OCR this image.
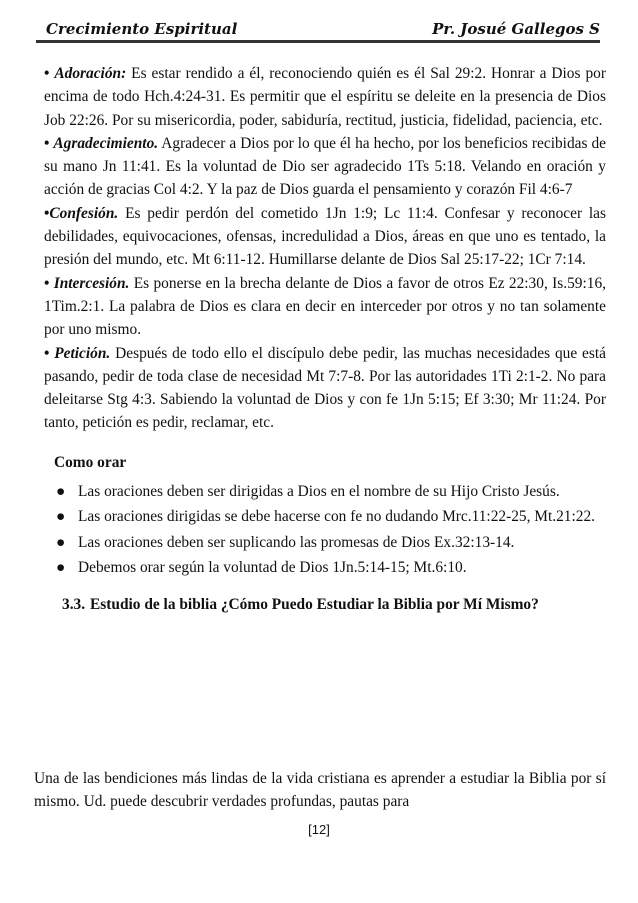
Crecimiento Espiritual	Pr. Josué Gallegos S

• Adoración: Es estar rendido a él, reconociendo quién es él Sal 29:2. Honrar a Dios por encima de todo Hch.4:24-31. Es permitir que el espíritu se deleite en la presencia de Dios Job 22:26. Por su misericordia, poder, sabiduría, rectitud, justicia, fidelidad, paciencia, etc.

• Agradecimiento. Agradecer a Dios por lo que él ha hecho, por los beneficios recibidas de su mano Jn 11:41. Es la voluntad de Dio ser agradecido 1Ts 5:18. Velando en oración y acción de gracias Col 4:2. Y la paz de Dios guarda el pensamiento y corazón Fil 4:6-7

•Confesión. Es pedir perdón del cometido 1Jn 1:9; Lc 11:4. Confesar y reconocer las debilidades, equivocaciones, ofensas, incredulidad a Dios, áreas en que uno es tentado, la presión del mundo, etc. Mt 6:11-12. Humillarse delante de Dios Sal 25:17-22; 1Cr 7:14.

• Intercesión. Es ponerse en la brecha delante de Dios a favor de otros Ez 22:30, Is.59:16, 1Tim.2:1. La palabra de Dios es clara en decir en interceder por otros y no tan solamente por uno mismo.

• Petición. Después de todo ello el discípulo debe pedir, las muchas necesidades que está pasando, pedir de toda clase de necesidad Mt 7:7-8. Por las autoridades 1Ti 2:1-2. No para deleitarse Stg 4:3. Sabiendo la voluntad de Dios y con fe 1Jn 5:15; Ef 3:30; Mr 11:24. Por tanto, petición es pedir, reclamar, etc.

Como orar
● Las oraciones deben ser dirigidas a Dios en el nombre de su Hijo Cristo Jesús.
● Las oraciones dirigidas se debe hacerse con fe no dudando Mrc.11:22-25, Mt.21:22.
● Las oraciones deben ser suplicando las promesas de Dios Ex.32:13-14.
● Debemos orar según la voluntad de Dios 1Jn.5:14-15; Mt.6:10.
3.3. Estudio de la biblia ¿Cómo Puedo Estudiar la Biblia por Mí Mismo?
Una de las bendiciones más lindas de la vida cristiana es aprender a estudiar la Biblia por sí mismo. Ud. puede descubrir verdades profundas, pautas para
[12]
